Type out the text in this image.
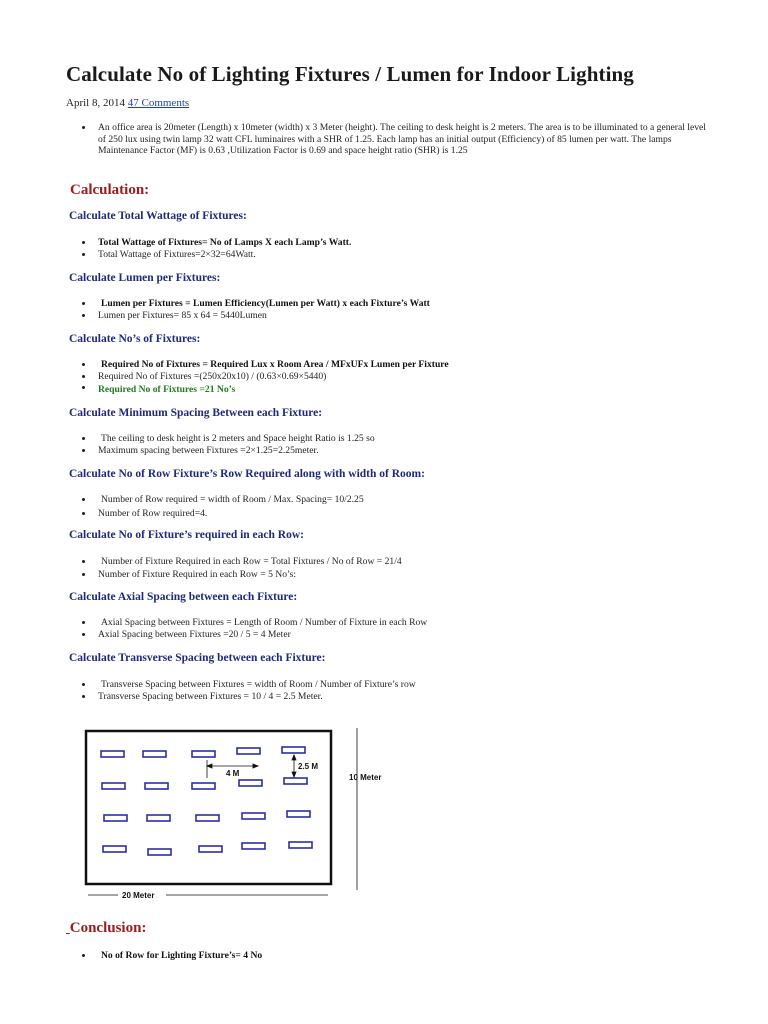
Calculate No of Lighting Fixtures / Lumen for Indoor Lighting
April 8, 2014 47 Comments
An office area is 20meter (Length) x 10meter (width) x 3 Meter (height). The ceiling to desk height is 2 meters. The area is to be illuminated to a general level of 250 lux using twin lamp 32 watt CFL luminaires with a SHR of 1.25. Each lamp has an initial output (Efficiency) of 85 lumen per watt. The lamps Maintenance Factor (MF) is 0.63 ,Utilization Factor is 0.69 and space height ratio (SHR) is 1.25
Calculation:
Calculate Total Wattage of Fixtures:
Total Wattage of Fixtures= No of Lamps X each Lamp’s Watt.
Total Wattage of Fixtures=2×32=64Watt.
Calculate Lumen per Fixtures:
Lumen per Fixtures = Lumen Efficiency(Lumen per Watt) x each Fixture’s Watt
Lumen per Fixtures= 85 x 64 = 5440Lumen
Calculate No’s of Fixtures:
Required No of Fixtures = Required Lux x Room Area / MFxUFx Lumen per Fixture
Required No of Fixtures =(250x20x10) / (0.63×0.69×5440)
Required No of Fixtures =21 No’s
Calculate Minimum Spacing Between each Fixture:
The ceiling to desk height is 2 meters and Space height Ratio is 1.25 so
Maximum spacing between Fixtures =2×1.25=2.25meter.
Calculate No of Row Fixture’s Row Required along with width of Room:
Number of Row required = width of Room / Max. Spacing= 10/2.25
Number of Row required=4.
Calculate No of Fixture’s required in each Row:
Number of Fixture Required in each Row = Total Fixtures / No of Row = 21/4
Number of Fixture Required in each Row = 5 No’s:
Calculate Axial Spacing between each Fixture:
Axial Spacing between Fixtures = Length of Room / Number of Fixture in each Row
Axial Spacing between Fixtures =20 / 5 = 4 Meter
Calculate Transverse Spacing between each Fixture:
Transverse Spacing between Fixtures = width of Room / Number of Fixture’s row
Transverse Spacing between Fixtures = 10 / 4 = 2.5 Meter.
4 M
2.5 M
10 Meter
20 Meter
Conclusion:
No of Row for Lighting Fixture’s= 4 No
